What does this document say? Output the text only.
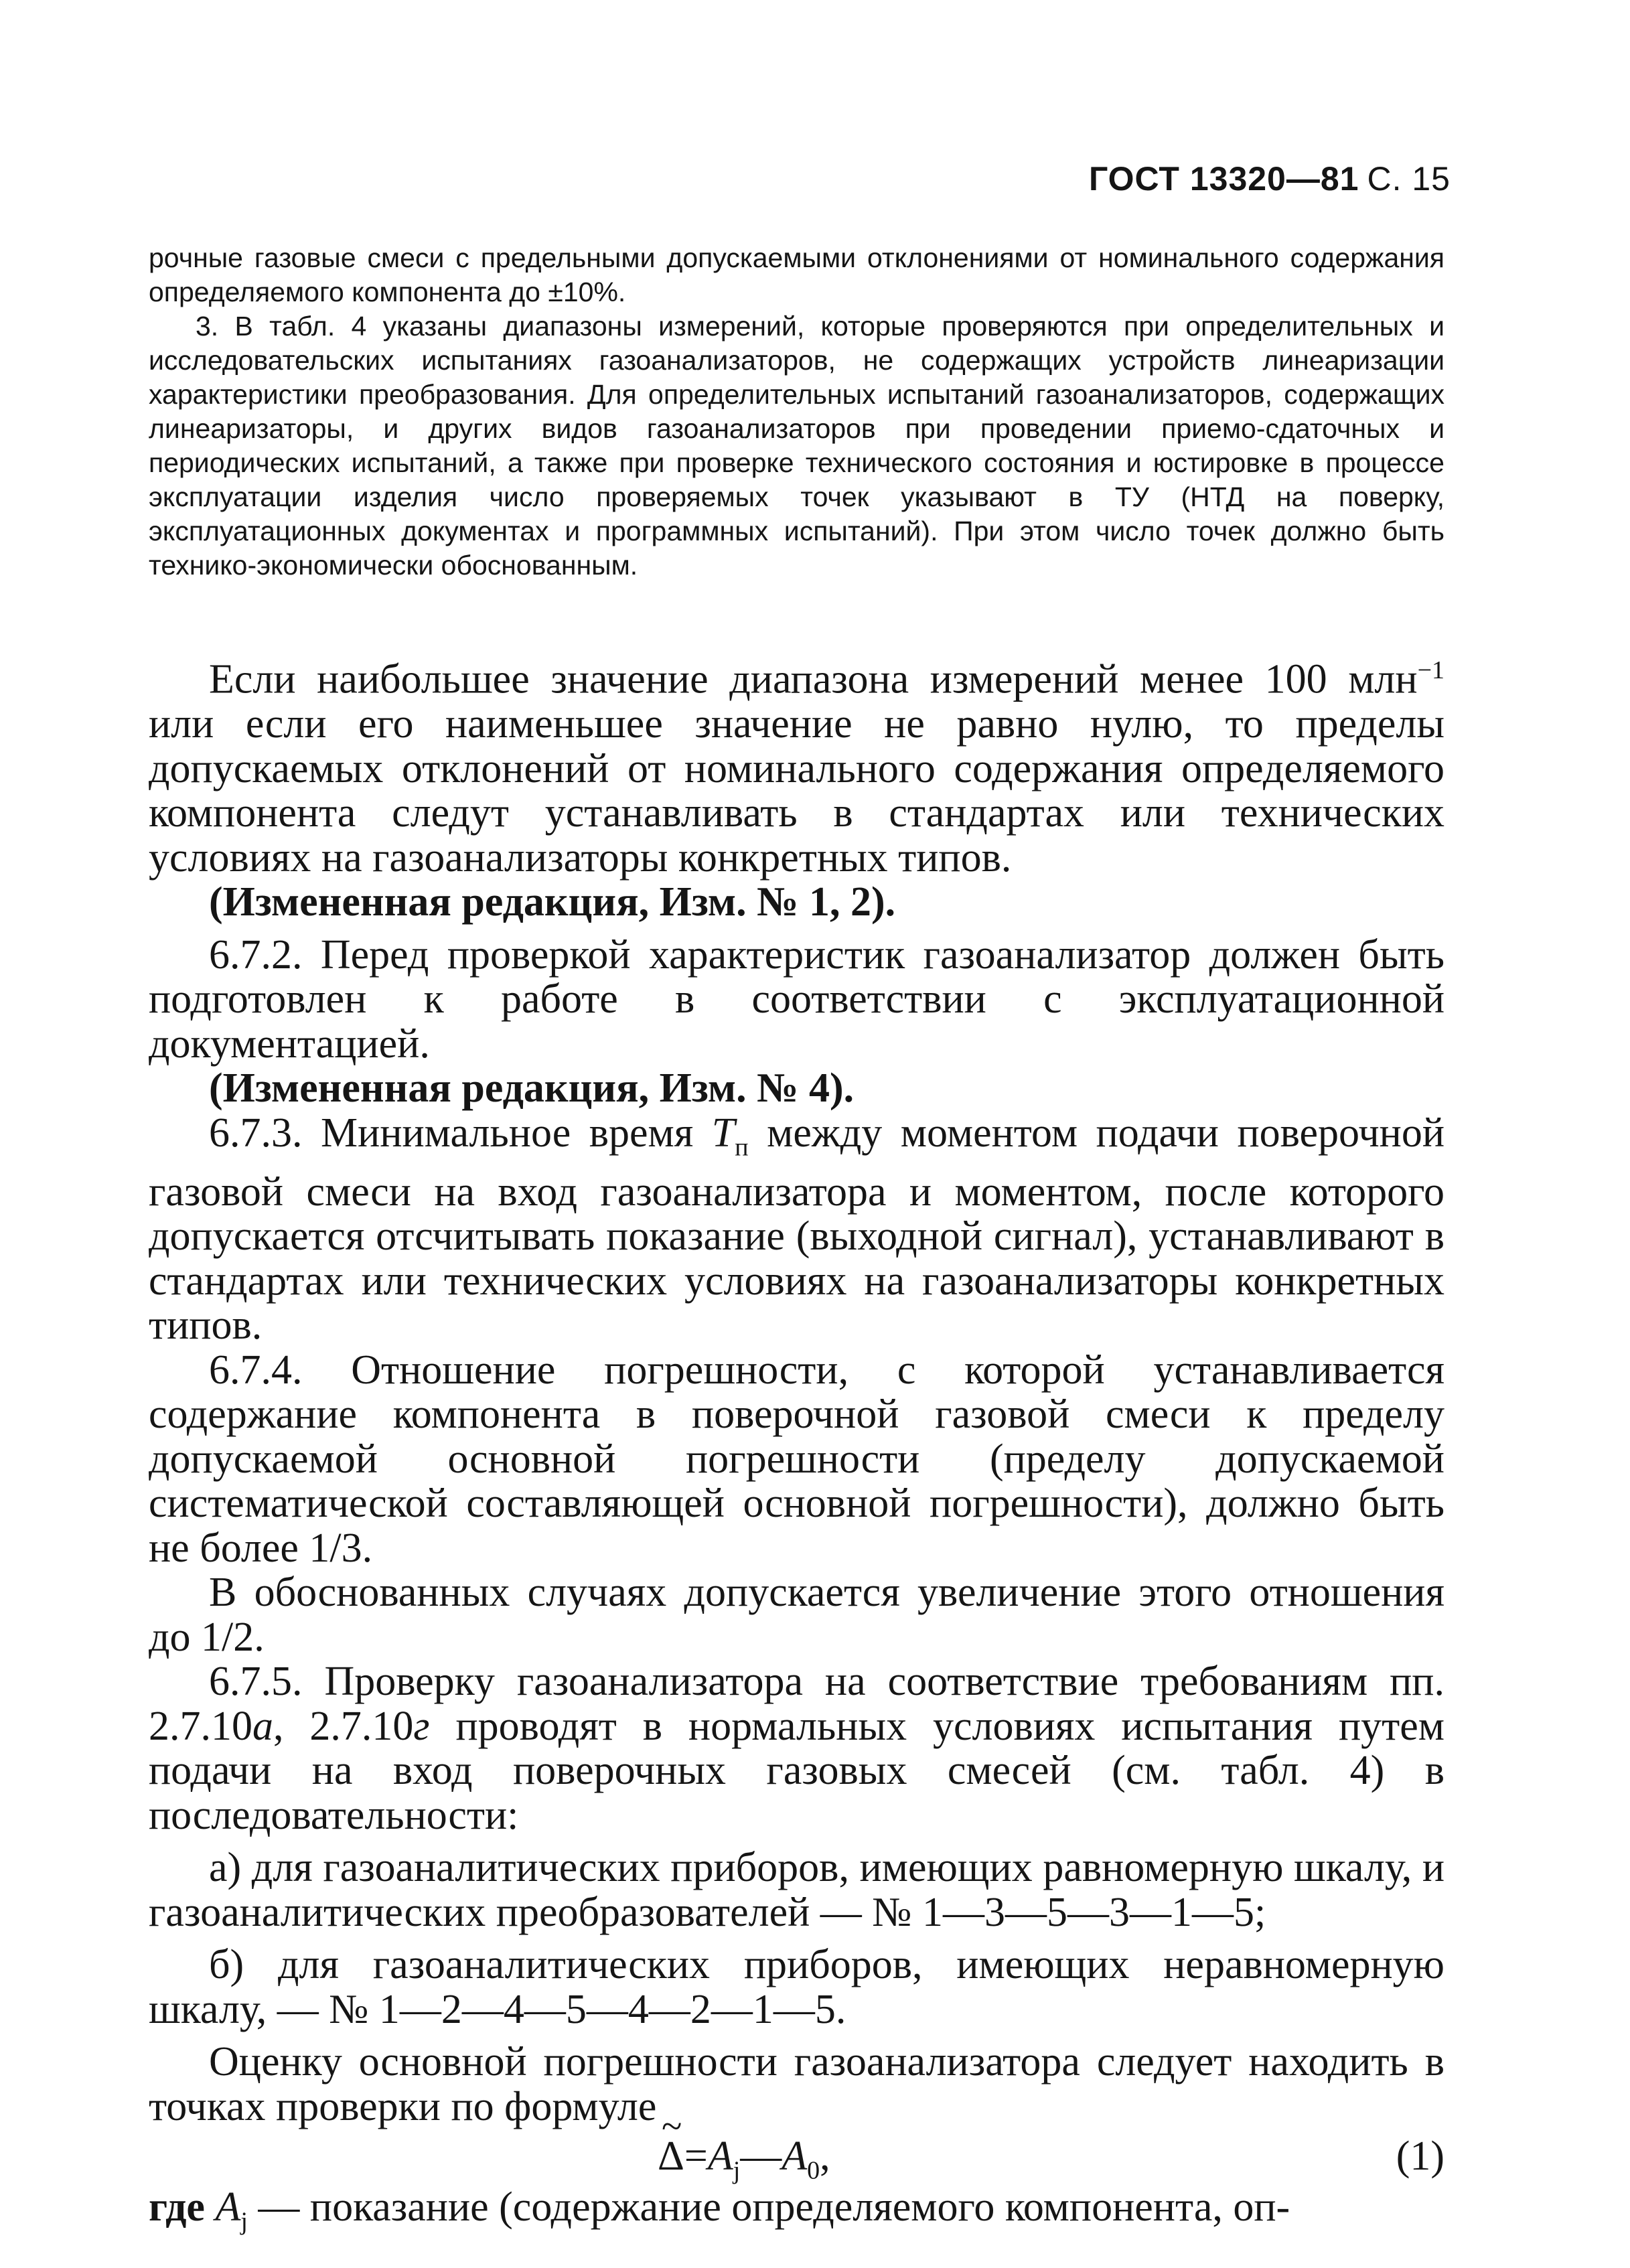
ГОСТ 13320—81 С. 15

рочные газовые смеси с предельными допускаемыми отклонениями от номинального содержания определяемого компонента до ±10%.

3. В табл. 4 указаны диапазоны измерений, которые проверяются при определительных и исследовательских испытаниях газоанализаторов, не содержащих устройств линеаризации характеристики преобразования. Для определительных испытаний газоанализаторов, содержащих линеаризаторы, и других видов газоанализаторов при проведении приемо-сдаточных и периодических испытаний, а также при проверке технического состояния и юстировке в процессе эксплуатации изделия число проверяемых точек указывают в ТУ (НТД на поверку, эксплуатационных документах и программных испытаний). При этом число точек должно быть технико-экономически обоснованным.

Если наибольшее значение диапазона измерений менее 100 млн$^{-1}$ или если его наименьшее значение не равно нулю, то пределы допускаемых отклонений от номинального содержания определяемого компонента следут устанавливать в стандартах или технических условиях на газоанализаторы конкретных типов.

(Измененная редакция, Изм. № 1, 2).

6.7.2. Перед проверкой характеристик газоанализатор должен быть подготовлен к работе в соответствии с эксплуатационной документацией.

(Измененная редакция, Изм. № 4).

6.7.3. Минимальное время $T_п$ между моментом подачи поверочной газовой смеси на вход газоанализатора и моментом, после которого допускается отсчитывать показание (выходной сигнал), устанавливают в стандартах или технических условиях на газоанализаторы конкретных типов.

6.7.4. Отношение погрешности, с которой устанавливается содержание компонента в поверочной газовой смеси к пределу допускаемой основной погрешности (пределу допускаемой систематической составляющей основной погрешности), должно быть не более 1/3.

В обоснованных случаях допускается увеличение этого отношения до 1/2.

6.7.5. Проверку газоанализатора на соответствие требованиям пп. 2.7.10а, 2.7.10г проводят в нормальных условиях испытания путем подачи на вход поверочных газовых смесей (см. табл. 4) в последовательности:

а) для газоаналитических приборов, имеющих равномерную шкалу, и газоаналитических преобразователей — № 1—3—5—3—1—5;

б) для газоаналитических приборов, имеющих неравномерную шкалу, — № 1—2—4—5—4—2—1—5.

Оценку основной погрешности газоанализатора следует находить в точках проверки по формуле

~ $\Delta=A_j—A_0$,	(1)

где $A_j$ — показание (содержание определяемого компонента, оп-
